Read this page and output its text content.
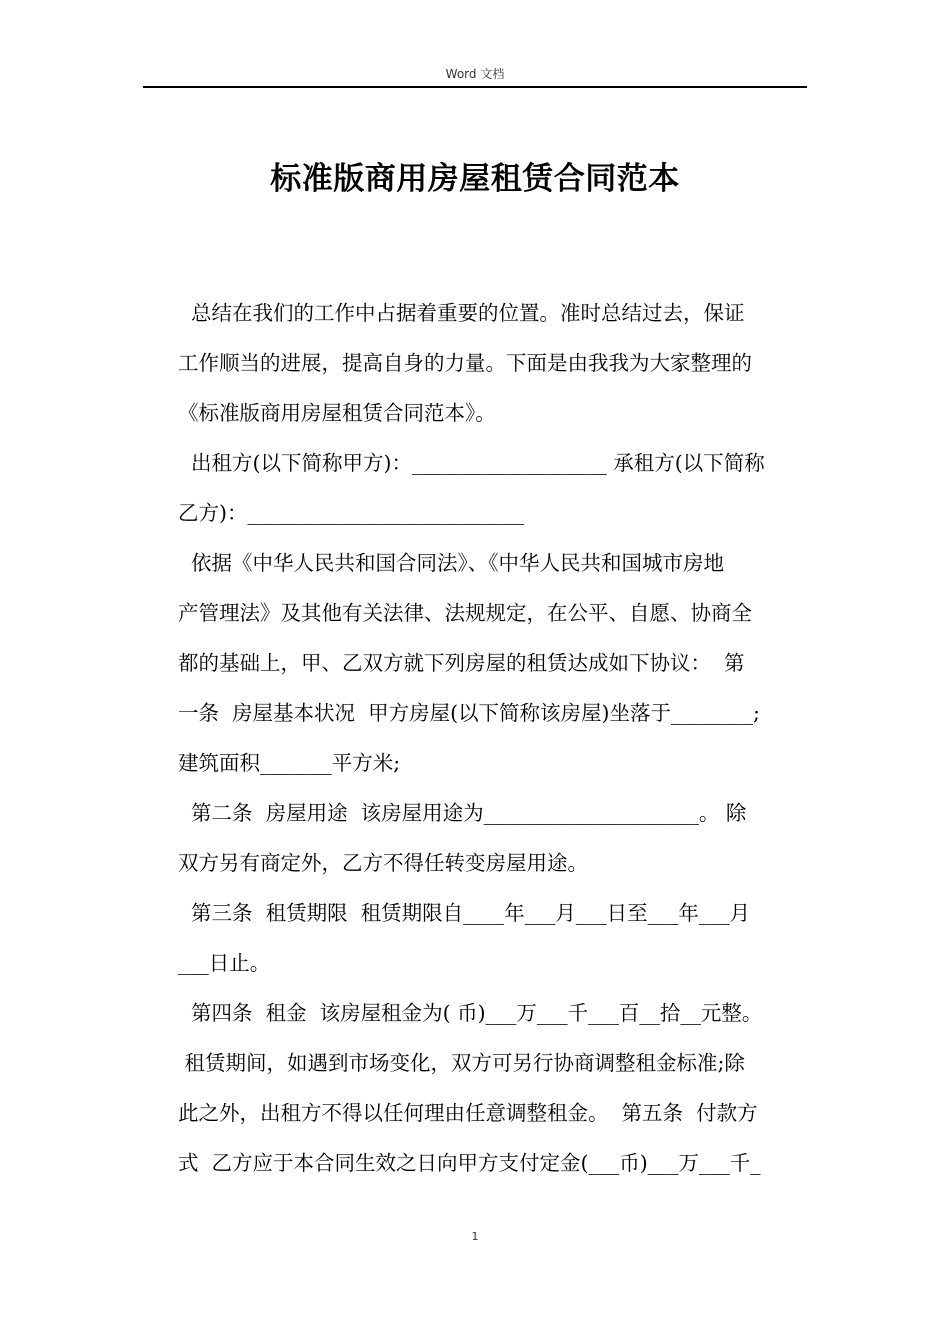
Word 文档
标准版商用房屋租赁合同范本
总结在我们的工作中占据着重要的位置。准时总结过去，保证
工作顺当的进展，提高自身的力量。下面是由我我为大家整理的
《标准版商用房屋租赁合同范本》。
出租方(以下简称甲方)：___________________ 承租方(以下简称
乙方)：___________________________
依据《中华人民共和国合同法》、《中华人民共和国城市房地
产管理法》及其他有关法律、法规规定，在公平、自愿、协商全
都的基础上，甲、乙双方就下列房屋的租赁达成如下协议：  第
一条  房屋基本状况  甲方房屋(以下简称该房屋)坐落于________;
建筑面积_______平方米;
第二条  房屋用途  该房屋用途为_____________________。 除
双方另有商定外，乙方不得任转变房屋用途。
第三条  租赁期限  租赁期限自____年___月___日至___年___月
___日止。
第四条  租金  该房屋租金为( 币)___万___千___百__拾__元整。
租赁期间，如遇到市场变化，双方可另行协商调整租金标准;除
此之外，出租方不得以任何理由任意调整租金。  第五条  付款方
式  乙方应于本合同生效之日向甲方支付定金(___币)___万___千_
1
